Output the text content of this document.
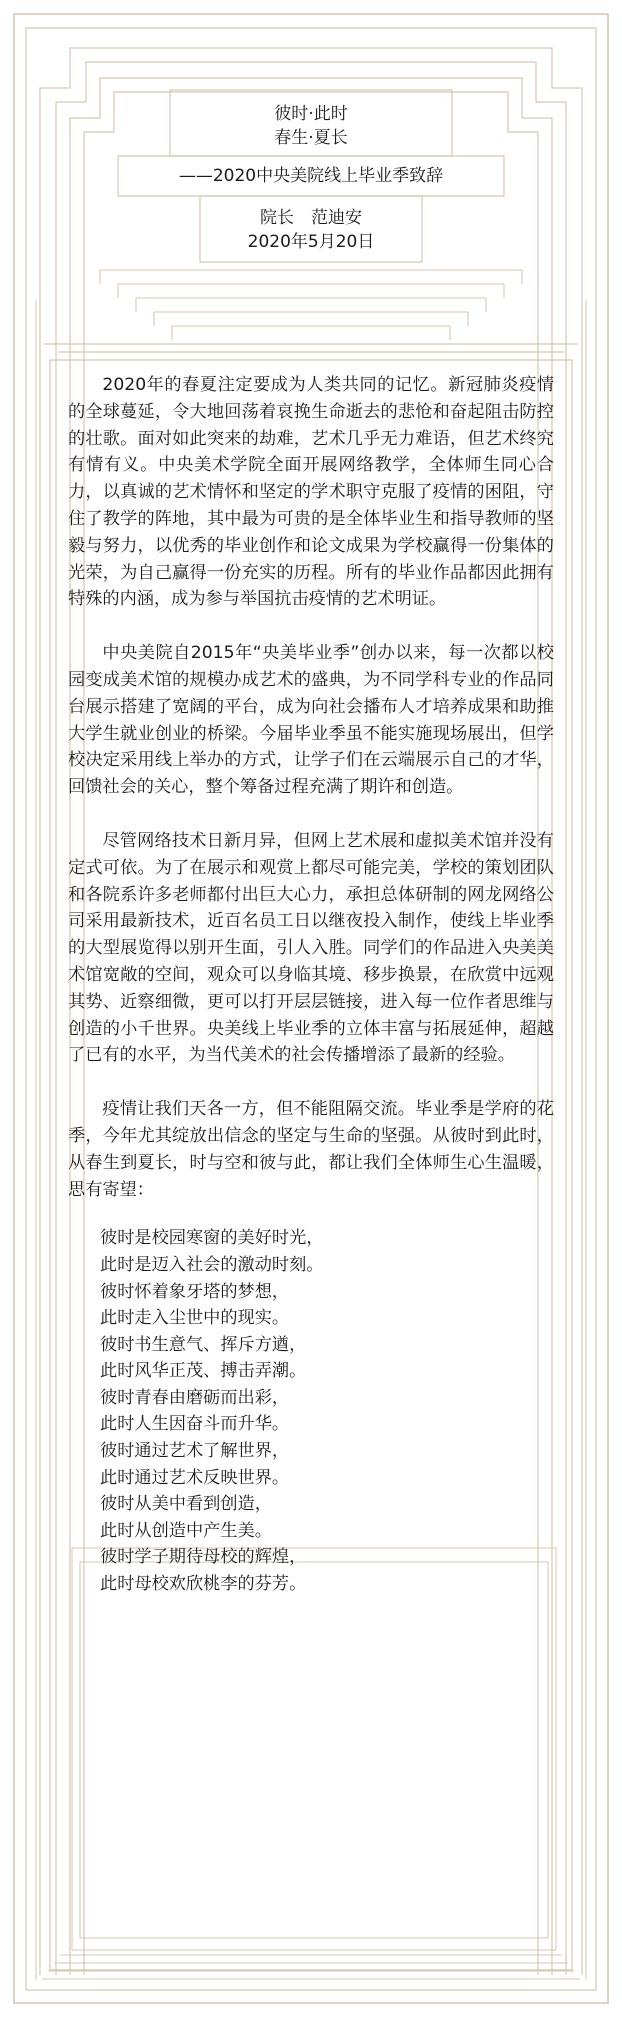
彼时·此时
春生·夏长
——2020中央美院线上毕业季致辞
院长　范迪安
2020年5月20日

2020年的春夏注定要成为人类共同的记忆。新冠肺炎疫情的全球蔓延，令大地回荡着哀挽生命逝去的悲怆和奋起阻击防控的壮歌。面对如此突来的劫难，艺术几乎无力难语，但艺术终究有情有义。中央美术学院全面开展网络教学，全体师生同心合力，以真诚的艺术情怀和坚定的学术职守克服了疫情的困阻，守住了教学的阵地，其中最为可贵的是全体毕业生和指导教师的坚毅与努力，以优秀的毕业创作和论文成果为学校赢得一份集体的光荣，为自己赢得一份充实的历程。所有的毕业作品都因此拥有特殊的内涵，成为参与举国抗击疫情的艺术明证。

中央美院自2015年“央美毕业季”创办以来，每一次都以校园变成美术馆的规模办成艺术的盛典，为不同学科专业的作品同台展示搭建了宽阔的平台，成为向社会播布人才培养成果和助推大学生就业创业的桥梁。今届毕业季虽不能实施现场展出，但学校决定采用线上举办的方式，让学子们在云端展示自己的才华，回馈社会的关心，整个筹备过程充满了期许和创造。

尽管网络技术日新月异，但网上艺术展和虚拟美术馆并没有定式可依。为了在展示和观赏上都尽可能完美，学校的策划团队和各院系许多老师都付出巨大心力，承担总体研制的网龙网络公司采用最新技术，近百名员工日以继夜投入制作，使线上毕业季的大型展览得以别开生面，引人入胜。同学们的作品进入央美美术馆宽敞的空间，观众可以身临其境、移步换景，在欣赏中远观其势、近察细微，更可以打开层层链接，进入每一位作者思维与创造的小千世界。央美线上毕业季的立体丰富与拓展延伸，超越了已有的水平，为当代美术的社会传播增添了最新的经验。

疫情让我们天各一方，但不能阻隔交流。毕业季是学府的花季，今年尤其绽放出信念的坚定与生命的坚强。从彼时到此时，从春生到夏长，时与空和彼与此，都让我们全体师生心生温暖，思有寄望：

彼时是校园寒窗的美好时光，
此时是迈入社会的激动时刻。
彼时怀着象牙塔的梦想，
此时走入尘世中的现实。
彼时书生意气、挥斥方遒，
此时风华正茂、搏击弄潮。
彼时青春由磨砺而出彩，
此时人生因奋斗而升华。
彼时通过艺术了解世界，
此时通过艺术反映世界。
彼时从美中看到创造，
此时从创造中产生美。
彼时学子期待母校的辉煌，
此时母校欢欣桃李的芬芳。
